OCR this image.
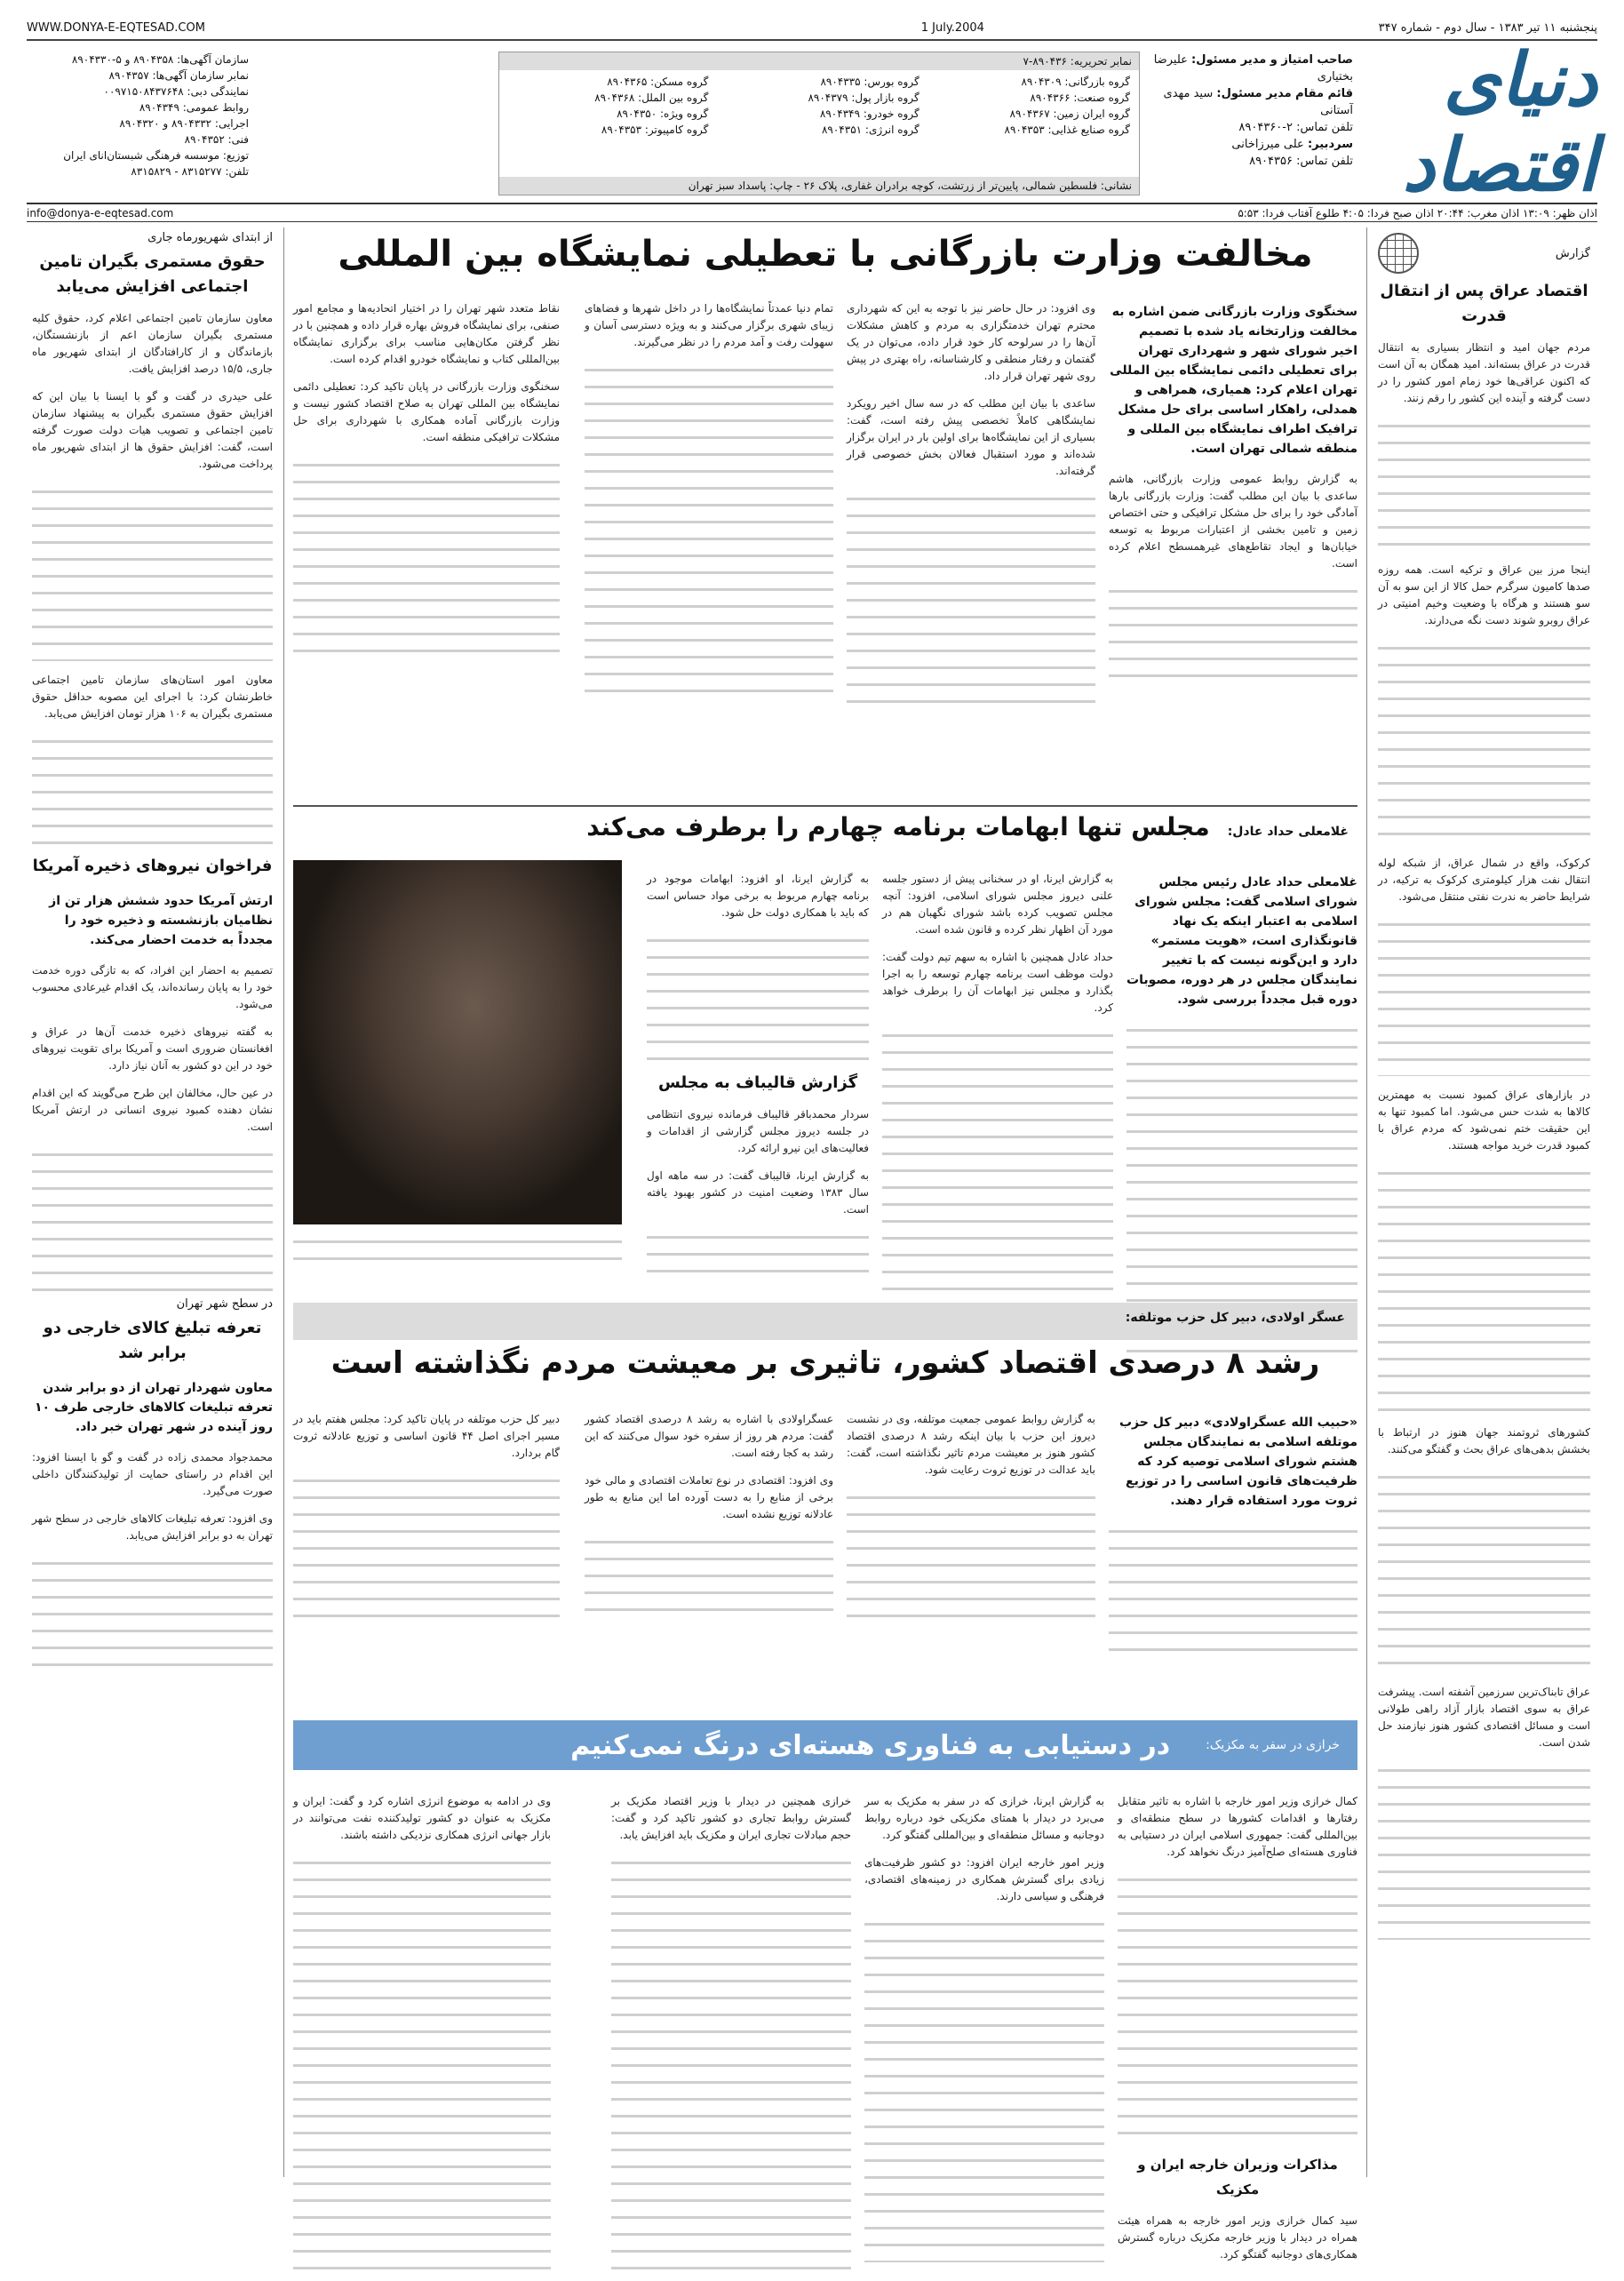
پنجشنبه ۱۱ تیر ۱۳۸۳ - سال دوم - شماره ۳۴۷
WWW.DONYA-E-EQTESAD.COM	1 July.2004
دنیای اقتصاد
صاحب امتیاز و مدیر مسئول: علیرضا بختیاری
قائم مقام مدیر مسئول: سید مهدی آستانی
تلفن تماس: ۲-۸۹۰۴۳۶۰
سردبیر: علی میرزاخانی
تلفن تماس: ۸۹۰۴۳۵۶
نمابر تحریریه: ۸۹۰۴۳۶-۷
گروه بازرگانی: ۸۹۰۴۳۰۹
گروه بورس: ۸۹۰۴۳۳۵
گروه مسکن: ۸۹۰۴۳۶۵
گروه صنعت: ۸۹۰۴۳۶۶
گروه بازار پول: ۸۹۰۴۳۷۹
گروه بین الملل: ۸۹۰۴۳۶۸
گروه ایران زمین: ۸۹۰۴۳۶۷
گروه خودرو: ۸۹۰۴۳۴۹
گروه ویژه: ۸۹۰۴۳۵۰
گروه صنایع غذایی: ۸۹۰۴۳۵۳
گروه انرژی: ۸۹۰۴۳۵۱
گروه کامپیوتر: ۸۹۰۴۳۵۳
نشانی: فلسطین شمالی، پایین‌تر از زرتشت، کوچه برادران غفاری، پلاک ۲۶ - چاپ: پاسداد سبز تهران
سازمان آگهی‌ها: ۸۹۰۴۳۵۸ و ۵-۸۹۰۴۳۳۰
نمابر سازمان آگهی‌ها: ۸۹۰۴۳۵۷
نمایندگی دبی: ۰۰۹۷۱۵۰۸۴۳۷۶۴۸
روابط عمومی: ۸۹۰۴۳۴۹
اجرایی: ۸۹۰۴۳۳۲ و ۸۹۰۴۳۲۰
فنی: ۸۹۰۴۳۵۲
توزیع: موسسه فرهنگی شبستان‌انای ایران
تلفن: ۸۳۱۵۲۷۷ - ۸۳۱۵۸۲۹
اذان ظهر: ۱۳:۰۹ اذان مغرب: ۲۰:۴۴ اذان صبح فردا: ۴:۰۵ طلوع آفتاب فردا: ۵:۵۳
info@donya-e-eqtesad.com
گزارش
اقتصاد عراق پس از انتقال قدرت

مردم جهان امید و انتظار بسیاری به انتقال قدرت در عراق بسته‌اند. امید همگان به آن است که اکنون عراقی‌ها خود زمام امور کشور را در دست گرفته و آینده این کشور را رقم زنند.

اینجا مرز بین عراق و ترکیه است. همه روزه صدها کامیون سرگرم حمل کالا از این سو به آن سو هستند و هرگاه با وضعیت وخیم امنیتی در عراق روبرو شوند دست نگه می‌دارند.

کرکوک، واقع در شمال عراق، از شبکه لوله انتقال نفت هزار کیلومتری کرکوک به ترکیه، در شرایط حاضر به ندرت نفتی منتقل می‌شود.

در بازارهای عراق کمبود نسبت به مهمترین کالاها به شدت حس می‌شود. اما کمبود تنها به این حقیقت ختم نمی‌شود که مردم عراق با کمبود قدرت خرید مواجه هستند.

کشورهای ثروتمند جهان هنوز در ارتباط با بخشش بدهی‌های عراق بحث و گفتگو می‌کنند.

عراق تابناک‌ترین سرزمین آشفته است. پیشرفت عراق به سوی اقتصاد بازار آزاد راهی طولانی است و مسائل اقتصادی کشور هنوز نیازمند حل شدن است.

از ابتدای شهریورماه جاری
حقوق مستمری بگیران تامین اجتماعی افزایش می‌یابد

معاون سازمان تامین اجتماعی اعلام کرد، حقوق کلیه مستمری بگیران سازمان اعم از بازنشستگان، بازماندگان و از کارافتادگان از ابتدای شهریور ماه جاری، ۱۵/۵ درصد افزایش یافت.

علی حیدری در گفت و گو با ایسنا با بیان این که افزایش حقوق مستمری بگیران به پیشنهاد سازمان تامین اجتماعی و تصویب هیات دولت صورت گرفته است، گفت: افزایش حقوق ها از ابتدای شهریور ماه پرداخت می‌شود.

معاون امور استان‌های سازمان تامین اجتماعی خاطرنشان کرد: با اجرای این مصوبه حداقل حقوق مستمری بگیران به ۱۰۶ هزار تومان افزایش می‌یابد.

فراخوان نیروهای ذخیره آمریکا

ارتش آمریکا حدود ششش هزار تن از نظامیان بازنشسته و ذخیره خود را مجدداً به خدمت احضار می‌کند.

تصمیم به احضار این افراد، که به تازگی دوره خدمت خود را به پایان رسانده‌اند، یک اقدام غیرعادی محسوب می‌شود.

به گفته نیروهای ذخیره خدمت آن‌ها در عراق و افغانستان ضروری است و آمریکا برای تقویت نیروهای خود در این دو کشور به آنان نیاز دارد.

در عین حال، مخالفان این طرح می‌گویند که این اقدام نشان دهنده کمبود نیروی انسانی در ارتش آمریکا است.

در سطح شهر تهران
تعرفه تبلیغ کالای خارجی دو برابر شد

معاون شهردار تهران از دو برابر شدن تعرفه تبلیغات کالاهای خارجی طرف ۱۰ روز آینده در شهر تهران خبر داد.

محمدجواد محمدی زاده در گفت و گو با ایسنا افزود: این اقدام در راستای حمایت از تولیدکنندگان داخلی صورت می‌گیرد.

وی افزود: تعرفه تبلیغات کالاهای خارجی در سطح شهر تهران به دو برابر افزایش می‌یابد.

مخالفت وزارت بازرگانی با تعطیلی نمایشگاه بین المللی

سخنگوی وزارت بازرگانی ضمن اشاره به مخالفت وزارتخانه یاد شده با تصمیم اخیر شورای شهر و شهرداری تهران برای تعطیلی دائمی نمایشگاه بین المللی تهران اعلام کرد: همیاری، همراهی و همدلی، راهکار اساسی برای حل مشکل ترافیک اطراف نمایشگاه بین المللی و منطقه شمالی تهران است.

به گزارش روابط عمومی وزارت بازرگانی، هاشم ساعدی با بیان این مطلب گفت: وزارت بازرگانی بارها آمادگی خود را برای حل مشکل ترافیکی و حتی اختصاص زمین و تامین بخشی از اعتبارات مربوط به توسعه خیابان‌ها و ایجاد تقاطع‌های غیرهمسطح اعلام کرده است.

وی افزود: در حال حاضر نیز با توجه به این که شهرداری محترم تهران خدمتگزاری به مردم و کاهش مشکلات آن‌ها را در سرلوحه کار خود قرار داده، می‌توان در یک گفتمان و رفتار منطقی و کارشناسانه، راه بهتری در پیش روی شهر تهران قرار داد.

ساعدی با بیان این مطلب که در سه سال اخیر رویکرد نمایشگاهی کاملاً تخصصی پیش رفته است، گفت: بسیاری از این نمایشگاه‌ها برای اولین بار در ایران برگزار شده‌اند و مورد استقبال فعالان بخش خصوصی قرار گرفته‌اند.

تمام دنیا عمدتاً نمایشگاه‌ها را در داخل شهرها و فضاهای زیبای شهری برگزار می‌کنند و به ویژه دسترسی آسان و سهولت رفت و آمد مردم را در نظر می‌گیرند.

نقاط متعدد شهر تهران را در اختیار اتحادیه‌ها و مجامع امور صنفی، برای نمایشگاه فروش بهاره قرار داده و همچنین با در نظر گرفتن مکان‌هایی مناسب برای برگزاری نمایشگاه بین‌المللی کتاب و نمایشگاه خودرو اقدام کرده است.

سخنگوی وزارت بازرگانی در پایان تاکید کرد: تعطیلی دائمی نمایشگاه بین المللی تهران به صلاح اقتصاد کشور نیست و وزارت بازرگانی آماده همکاری با شهرداری برای حل مشکلات ترافیکی منطقه است.

غلامعلی حداد عادل:
مجلس تنها ابهامات برنامه چهارم را برطرف می‌کند

غلامعلی حداد عادل رئیس مجلس شورای اسلامی گفت: مجلس شورای اسلامی به اعتبار اینکه یک نهاد قانونگذاری است، «هویت مستمر» دارد و این‌گونه نیست که با تغییر نمایندگان مجلس در هر دوره، مصوبات دوره قبل مجدداً بررسی شود.

به گزارش ایرنا، او در سخنانی پیش از دستور جلسه علنی دیروز مجلس شورای اسلامی، افزود: آنچه مجلس تصویب کرده باشد شورای نگهبان هم در مورد آن اظهار نظر کرده و قانون شده است.

حداد عادل همچنین با اشاره به سهم تیم دولت گفت: دولت موظف است برنامه چهارم توسعه را به اجرا بگذارد و مجلس نیز ابهامات آن را برطرف خواهد کرد.

به گزارش ایرنا، او افزود: ابهامات موجود در برنامه چهارم مربوط به برخی مواد حساس است که باید با همکاری دولت حل شود.

گزارش قالیباف به مجلس

سردار محمدباقر قالیباف فرمانده نیروی انتظامی در جلسه دیروز مجلس گزارشی از اقدامات و فعالیت‌های این نیرو ارائه کرد.

به گزارش ایرنا، قالیباف گفت: در سه ماهه اول سال ۱۳۸۳ وضعیت امنیت در کشور بهبود یافته است.

عسگر اولادی، دبیر کل حزب موتلفه:
رشد ۸ درصدی اقتصاد کشور، تاثیری بر معیشت مردم نگذاشته است

«حبیب الله عسگراولادی» دبیر کل حزب موتلفه اسلامی به نمایندگان مجلس هشتم شورای اسلامی توصیه کرد که ظرفیت‌های قانون اساسی را در توزیع ثروت مورد استفاده قرار دهند.

به گزارش روابط عمومی جمعیت موتلفه، وی در نشست دیروز این حزب با بیان اینکه رشد ۸ درصدی اقتصاد کشور هنوز بر معیشت مردم تاثیر نگذاشته است، گفت: باید عدالت در توزیع ثروت رعایت شود.

عسگراولادی با اشاره به رشد ۸ درصدی اقتصاد کشور گفت: مردم هر روز از سفره خود سوال می‌کنند که این رشد به کجا رفته است.

وی افزود: اقتصادی در نوع تعاملات اقتصادی و مالی خود برخی از منابع را به دست آورده اما این منابع به طور عادلانه توزیع نشده است.

دبیر کل حزب موتلفه در پایان تاکید کرد: مجلس هفتم باید در مسیر اجرای اصل ۴۴ قانون اساسی و توزیع عادلانه ثروت گام بردارد.

خرازی در سفر به مکزیک:
در دستیابی به فناوری هسته‌ای درنگ نمی‌کنیم

کمال خرازی وزیر امور خارجه با اشاره به تاثیر متقابل رفتارها و اقدامات کشورها در سطح منطقه‌ای و بین‌المللی گفت: جمهوری اسلامی ایران در دستیابی به فناوری هسته‌ای صلح‌آمیز درنگ نخواهد کرد.

مذاکرات وزیران خارجه ایران و مکزیک

سید کمال خرازی وزیر امور خارجه به همراه هیئت همراه در دیدار با وزیر خارجه مکزیک درباره گسترش همکاری‌های دوجانبه گفتگو کرد.

به گزارش ایرنا، خرازی که در سفر به مکزیک به سر می‌برد در دیدار با همتای مکزیکی خود درباره روابط دوجانبه و مسائل منطقه‌ای و بین‌المللی گفتگو کرد.

وزیر امور خارجه ایران افزود: دو کشور ظرفیت‌های زیادی برای گسترش همکاری در زمینه‌های اقتصادی، فرهنگی و سیاسی دارند.

خرازی همچنین در دیدار با وزیر اقتصاد مکزیک بر گسترش روابط تجاری دو کشور تاکید کرد و گفت: حجم مبادلات تجاری ایران و مکزیک باید افزایش یابد.

وی در ادامه به موضوع انرژی اشاره کرد و گفت: ایران و مکزیک به عنوان دو کشور تولیدکننده نفت می‌توانند در بازار جهانی انرژی همکاری نزدیکی داشته باشند.
